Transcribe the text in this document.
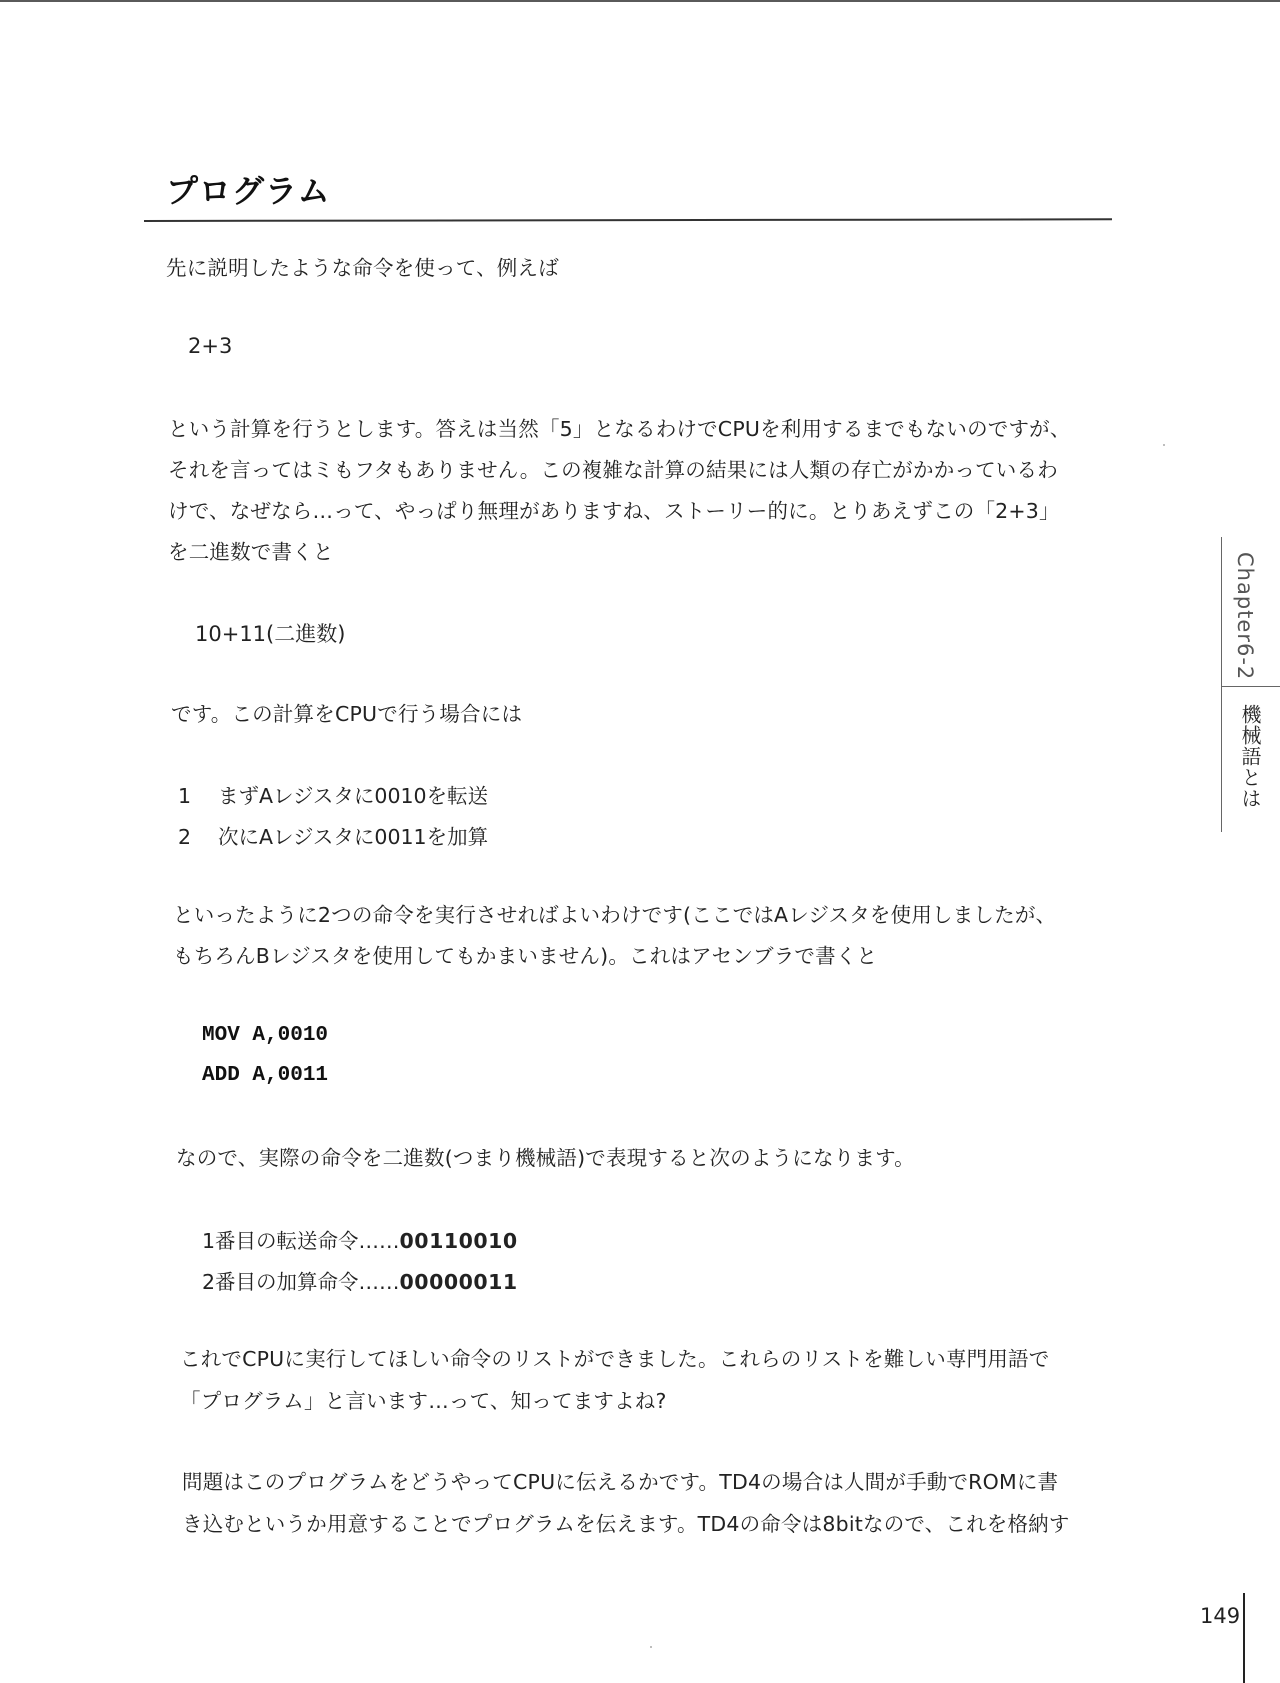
プログラム

先に説明したような命令を使って、例えば

2+3

という計算を行うとします。答えは当然「5」となるわけでCPUを利用するまでもないのですが、

それを言ってはミもフタもありません。この複雑な計算の結果には人類の存亡がかかっているわ

けで、なぜなら…って、やっぱり無理がありますね、ストーリー的に。とりあえずこの「2+3」

を二進数で書くと

10+11(二進数)

です。この計算をCPUで行う場合には

1 まずAレジスタに0010を転送
2 次にAレジスタに0011を加算

といったように2つの命令を実行させればよいわけです(ここではAレジスタを使用しましたが、

もちろんBレジスタを使用してもかまいません)。これはアセンブラで書くと

MOV A,0010
ADD A,0011

なので、実際の命令を二進数(つまり機械語)で表現すると次のようになります。

1番目の転送命令……00110010
2番目の加算命令……00000011

これでCPUに実行してほしい命令のリストができました。これらのリストを難しい専門用語で

「プログラム」と言います…って、知ってますよね?

問題はこのプログラムをどうやってCPUに伝えるかです。TD4の場合は人間が手動でROMに書

き込むというか用意することでプログラムを伝えます。TD4の命令は8bitなので、これを格納す

Chapter6-2
機械語とは
149
